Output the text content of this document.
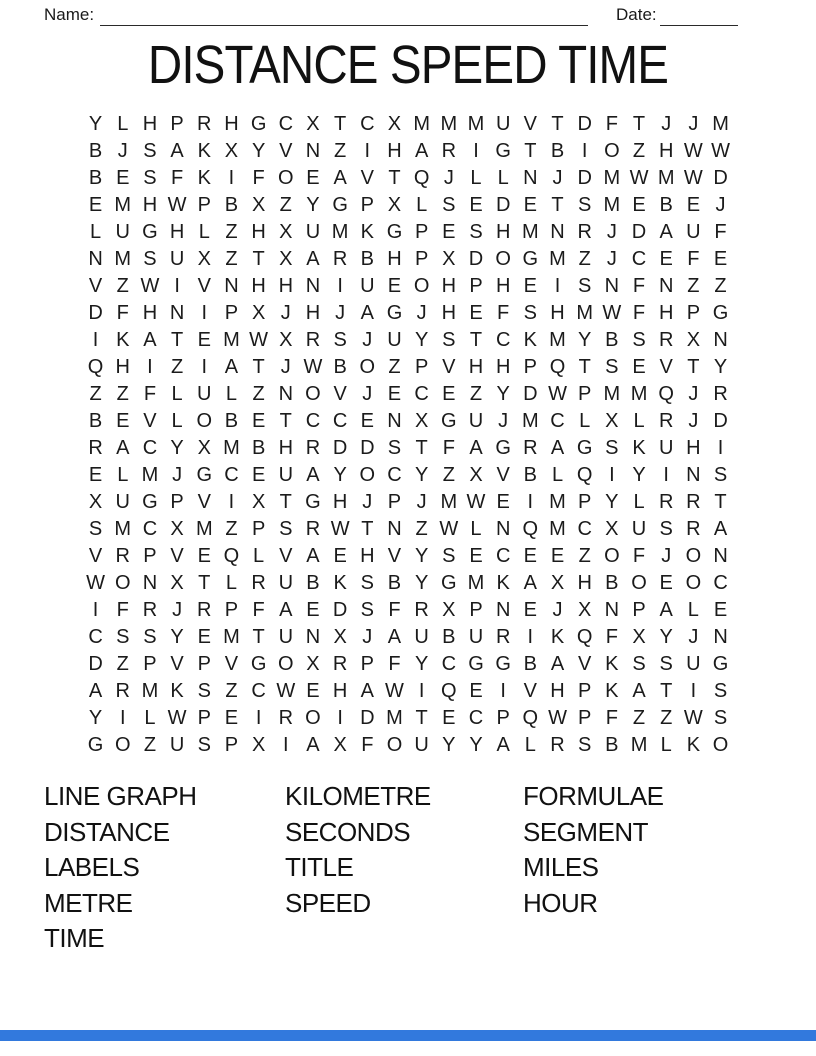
Name:	Date:
DISTANCE SPEED TIME
Y L H P R H G C X T C X M M M U V T D F T J J M
B J S A K X Y V N Z I H A R I G T B I O Z H W W
B E S F K I F O E A V T Q J L L N J D M W M W D
E M H W P B X Z Y G P X L S E D E T S M E B E J
L U G H L Z H X U M K G P E S H M N R J D A U F
N M S U X Z T X A R B H P X D O G M Z J C E F E
V Z W I V N H H N I U E O H P H E I S N F N Z Z
D F H N I P X J H J A G J H E F S H M W F H P G
I K A T E M W X R S J U Y S T C K M Y B S R X N
Q H I Z I A T J W B O Z P V H H P Q T S E V T Y
Z Z F L U L Z N O V J E C E Z Y D W P M M Q J R
B E V L O B E T C C E N X G U J M C L X L R J D
R A C Y X M B H R D D S T F A G R A G S K U H I
E L M J G C E U A Y O C Y Z X V B L Q I Y I N S
X U G P V I X T G H J P J M W E I M P Y L R R T
S M C X M Z P S R W T N Z W L N Q M C X U S R A
V R P V E Q L V A E H V Y S E C E E Z O F J O N
W O N X T L R U B K S B Y G M K A X H B O E O C
I F R J R P F A E D S F R X P N E J X N P A L E
C S S Y E M T U N X J A U B U R I K Q F X Y J N
D Z P V P V G O X R P F Y C G G B A V K S S U G
A R M K S Z C W E H A W I Q E I V H P K A T I S
Y I L W P E I R O I D M T E C P Q W P F Z Z W S
G O Z U S P X I A X F O U Y Y A L R S B M L K O
LINE GRAPH
DISTANCE
LABELS
METRE
TIME
KILOMETRE
SECONDS
TITLE
SPEED
FORMULAE
SEGMENT
MILES
HOUR
